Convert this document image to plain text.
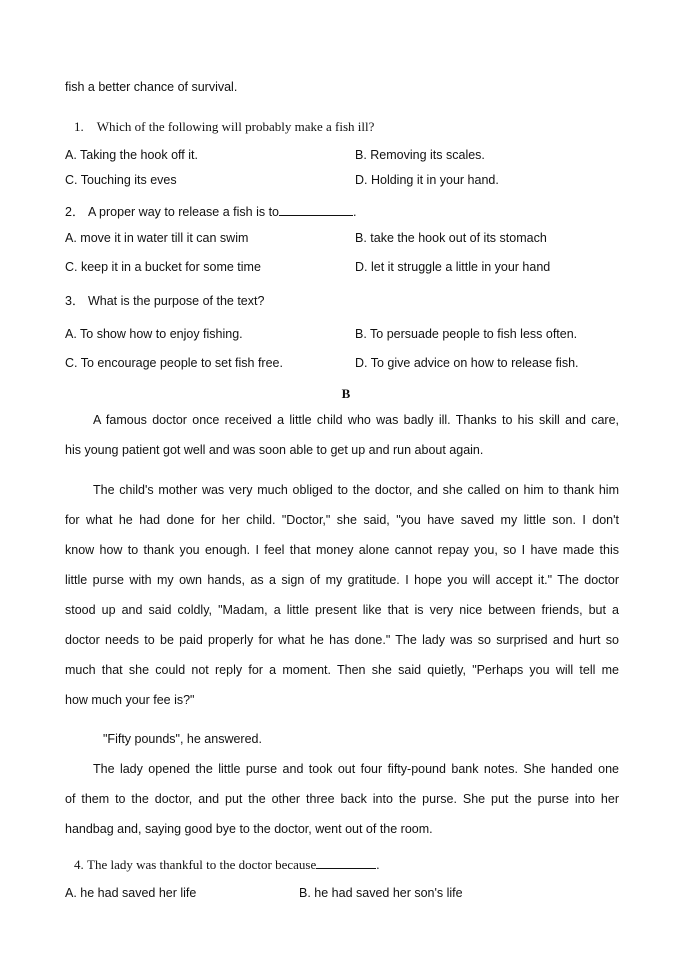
fish a better chance of survival.
1. Which of the following will probably make a fish ill?
A. Taking the hook off it.	B. Removing its scales.
C. Touching its eves	D. Holding it in your hand.
2． A proper way to release a fish is to	.
A. move it in water till it can swim	B. take the hook out of its stomach
C. keep it in a bucket for some time	D. let it struggle a little in your hand
3． What is the purpose of the text?
A. To show how to enjoy fishing.	B. To persuade people to fish less often.
C. To encourage people to set fish free.	D. To give advice on how to release fish.
B
A famous doctor once received a little child who was badly ill. Thanks to his skill and care,
his young patient got well and was soon able to get up and run about again.
The child's mother was very much obliged to the doctor, and she called on him to thank him
for what he had done for her child. "Doctor," she said, "you have saved my little son. I don't
know how to thank you enough. I feel that money alone cannot repay you, so I have made this
little purse with my own hands, as a sign of my gratitude. I hope you will accept it." The doctor
stood up and said coldly, "Madam, a little present like that is very nice between friends, but a
doctor needs to be paid properly for what he has done." The lady was so surprised and hurt so
much that she could not reply for a moment. Then she said quietly, "Perhaps you will tell me
how much your fee is?"
"Fifty pounds", he answered.
The lady opened the little purse and took out four fifty-pound bank notes. She handed one
of them to the doctor, and put the other three back into the purse. She put the purse into her
handbag and, saying good bye to the doctor, went out of the room.
4. The lady was thankful to the doctor because	.
A. he had saved her life	B. he had saved her son's life
